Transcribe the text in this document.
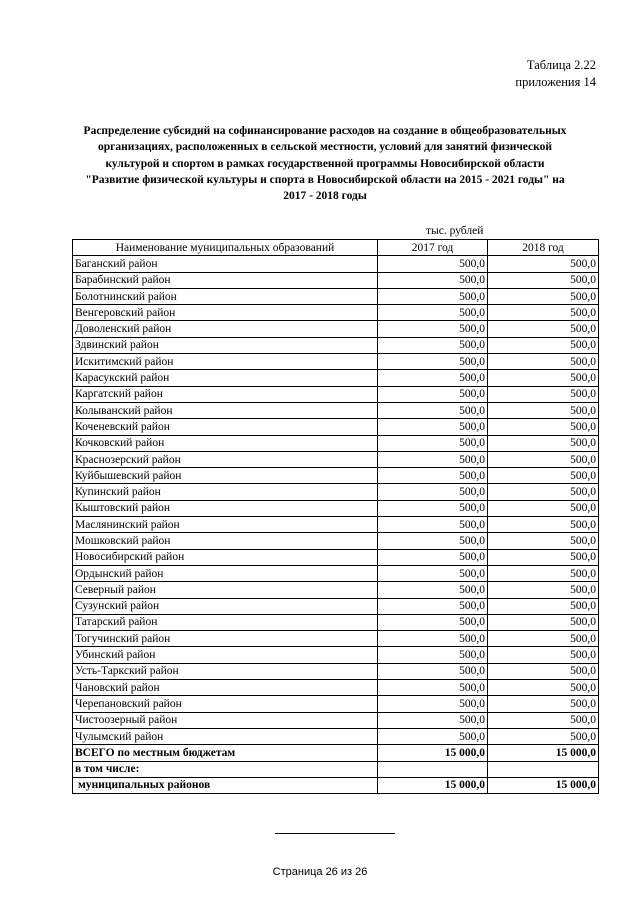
Таблица 2.22
приложения 14
Распределение субсидий на софинансирование расходов на создание в общеобразовательных организациях, расположенных в сельской местности, условий для занятий физической культурой и спортом в рамках государственной программы Новосибирской области "Развитие физической культуры и спорта в Новосибирской области на 2015 - 2021 годы" на 2017 - 2018 годы
тыс. рублей
Наименование муниципальных образований	2017 год	2018 год
Баганский район	500,0	500,0
Барабинский район	500,0	500,0
Болотнинский район	500,0	500,0
Венгеровский район	500,0	500,0
Доволенский район	500,0	500,0
Здвинский район	500,0	500,0
Искитимский район	500,0	500,0
Карасукский район	500,0	500,0
Каргатский район	500,0	500,0
Колыванский район	500,0	500,0
Коченевский район	500,0	500,0
Кочковский район	500,0	500,0
Краснозерский район	500,0	500,0
Куйбышевский район	500,0	500,0
Купинский район	500,0	500,0
Кыштовский район	500,0	500,0
Маслянинский район	500,0	500,0
Мошковский район	500,0	500,0
Новосибирский район	500,0	500,0
Ордынский район	500,0	500,0
Северный район	500,0	500,0
Сузунский район	500,0	500,0
Татарский район	500,0	500,0
Тогучинский район	500,0	500,0
Убинский район	500,0	500,0
Усть-Таркский район	500,0	500,0
Чановский район	500,0	500,0
Черепановский район	500,0	500,0
Чистоозерный район	500,0	500,0
Чулымский район	500,0	500,0
ВСЕГО по местным бюджетам	15 000,0	15 000,0
в том числе:		
муниципальных районов	15 000,0	15 000,0
Страница 26 из 26
